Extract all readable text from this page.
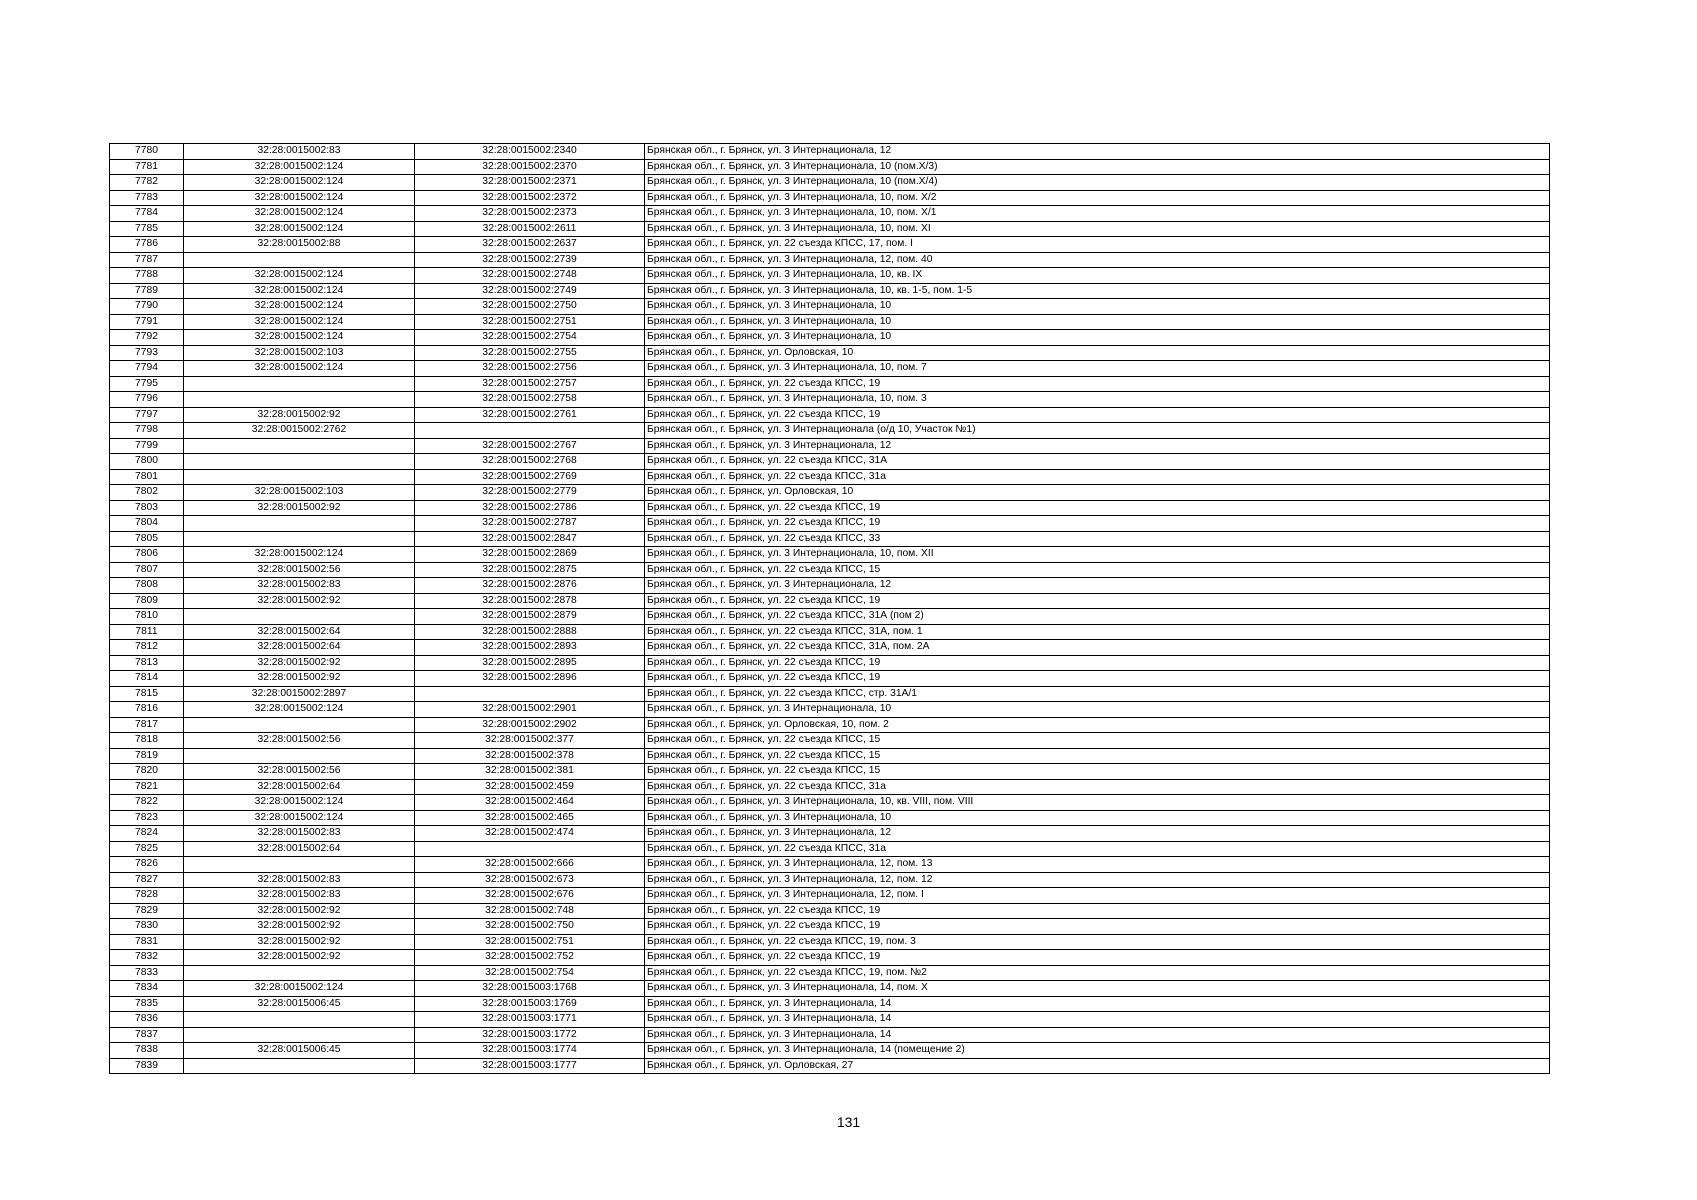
7780	32:28:0015002:83	32:28:0015002:2340	Брянская обл., г. Брянск, ул. 3 Интернационала, 12
7781	32:28:0015002:124	32:28:0015002:2370	Брянская обл., г. Брянск, ул. 3 Интернационала, 10 (пом.X/3)
7782	32:28:0015002:124	32:28:0015002:2371	Брянская обл., г. Брянск, ул. 3 Интернационала, 10 (пом.X/4)
7783	32:28:0015002:124	32:28:0015002:2372	Брянская обл., г. Брянск, ул. 3 Интернационала, 10, пом. X/2
7784	32:28:0015002:124	32:28:0015002:2373	Брянская обл., г. Брянск, ул. 3 Интернационала, 10, пом. X/1
7785	32:28:0015002:124	32:28:0015002:2611	Брянская обл., г. Брянск, ул. 3 Интернационала, 10, пом. XI
7786	32:28:0015002:88	32:28:0015002:2637	Брянская обл., г. Брянск, ул. 22 съезда КПСС, 17, пом. I
7787		32:28:0015002:2739	Брянская обл., г. Брянск, ул. 3 Интернационала, 12, пом. 40
7788	32:28:0015002:124	32:28:0015002:2748	Брянская обл., г. Брянск, ул. 3 Интернационала, 10, кв. IX
7789	32:28:0015002:124	32:28:0015002:2749	Брянская обл., г. Брянск, ул. 3 Интернационала, 10, кв. 1-5, пом. 1-5
7790	32:28:0015002:124	32:28:0015002:2750	Брянская обл., г. Брянск, ул. 3 Интернационала, 10
7791	32:28:0015002:124	32:28:0015002:2751	Брянская обл., г. Брянск, ул. 3 Интернационала, 10
7792	32:28:0015002:124	32:28:0015002:2754	Брянская обл., г. Брянск, ул. 3 Интернационала, 10
7793	32:28:0015002:103	32:28:0015002:2755	Брянская обл., г. Брянск, ул. Орловская, 10
7794	32:28:0015002:124	32:28:0015002:2756	Брянская обл., г. Брянск, ул. 3 Интернационала, 10, пом. 7
7795		32:28:0015002:2757	Брянская обл., г. Брянск, ул. 22 съезда КПСС, 19
7796		32:28:0015002:2758	Брянская обл., г. Брянск, ул. 3 Интернационала, 10, пом. 3
7797	32:28:0015002:92	32:28:0015002:2761	Брянская обл., г. Брянск, ул. 22 съезда КПСС, 19
7798	32:28:0015002:2762		Брянская обл., г. Брянск, ул. 3 Интернационала (о/д 10, Участок №1)
7799		32:28:0015002:2767	Брянская обл., г. Брянск, ул. 3 Интернационала, 12
7800		32:28:0015002:2768	Брянская обл., г. Брянск, ул. 22 съезда КПСС, 31А
7801		32:28:0015002:2769	Брянская обл., г. Брянск, ул. 22 съезда КПСС, 31а
7802	32:28:0015002:103	32:28:0015002:2779	Брянская обл., г. Брянск, ул. Орловская, 10
7803	32:28:0015002:92	32:28:0015002:2786	Брянская обл., г. Брянск, ул. 22 съезда КПСС, 19
7804		32:28:0015002:2787	Брянская обл., г. Брянск, ул. 22 съезда КПСС, 19
7805		32:28:0015002:2847	Брянская обл., г. Брянск, ул. 22 съезда КПСС, 33
7806	32:28:0015002:124	32:28:0015002:2869	Брянская обл., г. Брянск, ул. 3 Интернационала, 10, пом. XII
7807	32:28:0015002:56	32:28:0015002:2875	Брянская обл., г. Брянск, ул. 22 съезда КПСС, 15
7808	32:28:0015002:83	32:28:0015002:2876	Брянская обл., г. Брянск, ул. 3 Интернационала, 12
7809	32:28:0015002:92	32:28:0015002:2878	Брянская обл., г. Брянск, ул. 22 съезда КПСС, 19
7810		32:28:0015002:2879	Брянская обл., г. Брянск, ул. 22 съезда КПСС, 31А (пом 2)
7811	32:28:0015002:64	32:28:0015002:2888	Брянская обл., г. Брянск, ул. 22 съезда КПСС, 31А, пом. 1
7812	32:28:0015002:64	32:28:0015002:2893	Брянская обл., г. Брянск, ул. 22 съезда КПСС, 31А, пом. 2А
7813	32:28:0015002:92	32:28:0015002:2895	Брянская обл., г. Брянск, ул. 22 съезда КПСС, 19
7814	32:28:0015002:92	32:28:0015002:2896	Брянская обл., г. Брянск, ул. 22 съезда КПСС, 19
7815	32:28:0015002:2897		Брянская обл., г. Брянск, ул. 22 съезда КПСС, стр. 31А/1
7816	32:28:0015002:124	32:28:0015002:2901	Брянская обл., г. Брянск, ул. 3 Интернационала, 10
7817		32:28:0015002:2902	Брянская обл., г. Брянск, ул. Орловская, 10, пом. 2
7818	32:28:0015002:56	32:28:0015002:377	Брянская обл., г. Брянск, ул. 22 съезда КПСС, 15
7819		32:28:0015002:378	Брянская обл., г. Брянск, ул. 22 съезда КПСС, 15
7820	32:28:0015002:56	32:28:0015002:381	Брянская обл., г. Брянск, ул. 22 съезда КПСС, 15
7821	32:28:0015002:64	32:28:0015002:459	Брянская обл., г. Брянск, ул. 22 съезда КПСС, 31а
7822	32:28:0015002:124	32:28:0015002:464	Брянская обл., г. Брянск, ул. 3 Интернационала, 10, кв. VIII, пом. VIII
7823	32:28:0015002:124	32:28:0015002:465	Брянская обл., г. Брянск, ул. 3 Интернационала, 10
7824	32:28:0015002:83	32:28:0015002:474	Брянская обл., г. Брянск, ул. 3 Интернационала, 12
7825	32:28:0015002:64		Брянская обл., г. Брянск, ул. 22 съезда КПСС, 31а
7826		32:28:0015002:666	Брянская обл., г. Брянск, ул. 3 Интернационала, 12, пом. 13
7827	32:28:0015002:83	32:28:0015002:673	Брянская обл., г. Брянск, ул. 3 Интернационала, 12, пом. 12
7828	32:28:0015002:83	32:28:0015002:676	Брянская обл., г. Брянск, ул. 3 Интернационала, 12, пом. I
7829	32:28:0015002:92	32:28:0015002:748	Брянская обл., г. Брянск, ул. 22 съезда КПСС, 19
7830	32:28:0015002:92	32:28:0015002:750	Брянская обл., г. Брянск, ул. 22 съезда КПСС, 19
7831	32:28:0015002:92	32:28:0015002:751	Брянская обл., г. Брянск, ул. 22 съезда КПСС, 19, пом. 3
7832	32:28:0015002:92	32:28:0015002:752	Брянская обл., г. Брянск, ул. 22 съезда КПСС, 19
7833		32:28:0015002:754	Брянская обл., г. Брянск, ул. 22 съезда КПСС, 19, пом. №2
7834	32:28:0015002:124	32:28:0015003:1768	Брянская обл., г. Брянск, ул. 3 Интернационала, 14, пом. X
7835	32:28:0015006:45	32:28:0015003:1769	Брянская обл., г. Брянск, ул. 3 Интернационала, 14
7836		32:28:0015003:1771	Брянская обл., г. Брянск, ул. 3 Интернационала, 14
7837		32:28:0015003:1772	Брянская обл., г. Брянск, ул. 3 Интернационала, 14
7838	32:28:0015006:45	32:28:0015003:1774	Брянская обл., г. Брянск, ул. 3 Интернационала, 14 (помещение 2)
7839		32:28:0015003:1777	Брянская обл., г. Брянск, ул. Орловская, 27
131
